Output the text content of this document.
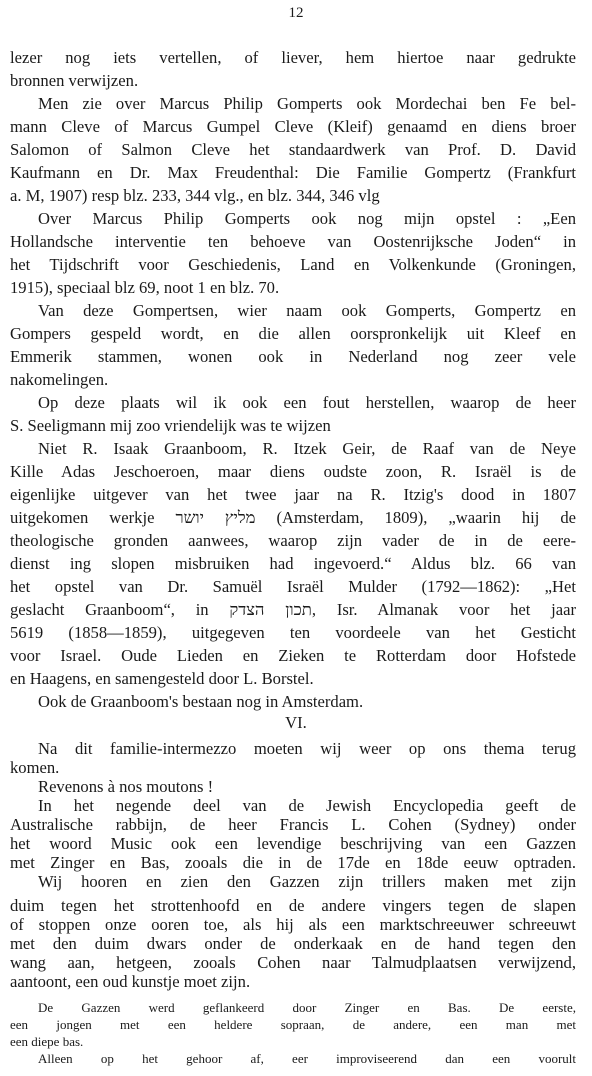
12
lezer nog iets vertellen, of liever, hem hiertoe naar gedrukte
bronnen verwijzen.
Men zie over Marcus Philip Gomperts ook Mordechai ben Fe bel-
mann Cleve of Marcus Gumpel Cleve (Kleif) genaamd en diens broer
Salomon of Salmon Cleve het standaardwerk van Prof. D. David
Kaufmann en Dr. Max Freudenthal: Die Familie Gompertz (Frankfurt
a. M, 1907) resp blz. 233, 344 vlg., en blz. 344, 346 vlg
Over Marcus Philip Gomperts ook nog mijn opstel : „Een
Hollandsche interventie ten behoeve van Oostenrijksche Joden“ in
het Tijdschrift voor Geschiedenis, Land en Volkenkunde (Groningen,
1915), speciaal blz 69, noot 1 en blz. 70.
Van deze Gompertsen, wier naam ook Gomperts, Gompertz en
Gompers gespeld wordt, en die allen oorspronkelijk uit Kleef en
Emmerik stammen, wonen ook in Nederland nog zeer vele
nakomelingen.
Op deze plaats wil ik ook een fout herstellen, waarop de heer
S. Seeligmann mij zoo vriendelijk was te wijzen
Niet R. Isaak Graanboom, R. Itzek Geir, de Raaf van de Neye
Kille Adas Jeschoeroen, maar diens oudste zoon, R. Israël is de
eigenlijke uitgever van het twee jaar na R. Itzig's dood in 1807
uitgekomen werkje מליץ יושר (Amsterdam, 1809), „waarin hij de
theologische gronden aanwees, waarop zijn vader de in de eere-
dienst ing slopen misbruiken had ingevoerd.“ Aldus blz. 66 van
het opstel van Dr. Samuël Israël Mulder (1792—1862): „Het
geslacht Graanboom“, in תכון הצדק, Isr. Almanak voor het jaar
5619 (1858—1859), uitgegeven ten voordeele van het Gesticht
voor Israel. Oude Lieden en Zieken te Rotterdam door Hofstede
en Haagens, en samengesteld door L. Borstel.
Ook de Graanboom's bestaan nog in Amsterdam.
VI.
Na dit familie-intermezzo moeten wij weer op ons thema terug
komen.
Revenons à nos moutons !
In het negende deel van de Jewish Encyclopedia geeft de
Australische rabbijn, de heer Francis L. Cohen (Sydney) onder
het woord Music ook een levendige beschrijving van een Gazzen
met Zinger en Bas, zooals die in de 17de en 18de eeuw optraden.
Wij hooren en zien den Gazzen zijn trillers maken met zijn
duim tegen het strottenhoofd en de andere vingers tegen de slapen
of stoppen onze ooren toe, als hij als een marktschreeuwer schreeuwt
met den duim dwars onder de onderkaak en de hand tegen den
wang aan, hetgeen, zooals Cohen naar Talmudplaatsen verwijzend,
aantoont, een oud kunstje moet zijn.
De Gazzen werd geflankeerd door Zinger en Bas. De eerste,
een jongen met een heldere sopraan, de andere, een man met
een diepe bas.
Alleen op het gehoor af, eer improviseerend dan een voorult
